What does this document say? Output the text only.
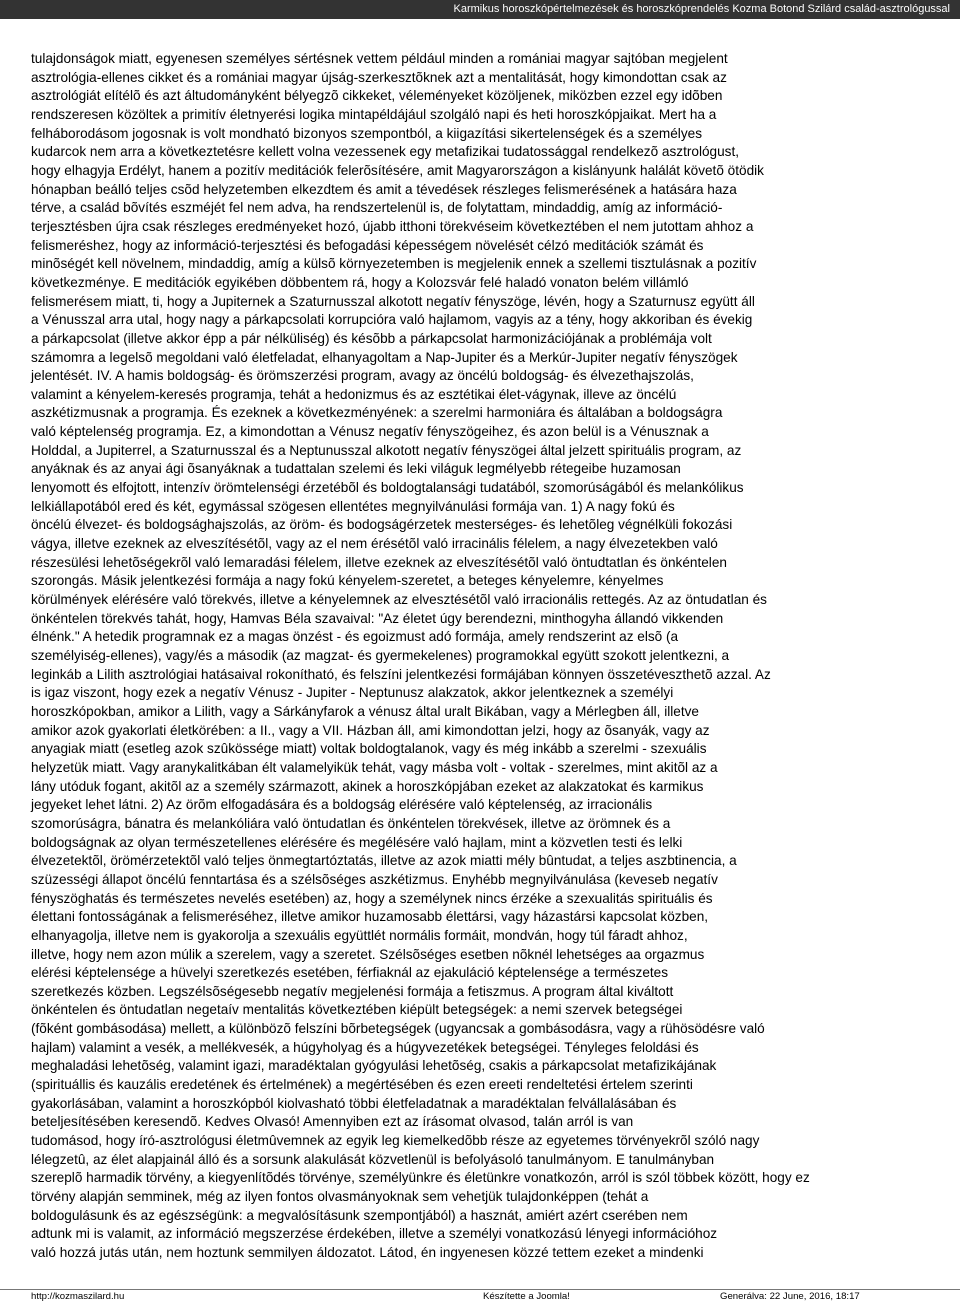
Karmikus horoszkópértelmezések és horoszkóprendelés Kozma Botond Szilárd család-asztrológussal
tulajdonságok miatt, egyenesen személyes sértésnek vettem például minden a romániai magyar sajtóban megjelent
asztrológia-ellenes cikket és a romániai magyar újság-szerkesztõknek azt a mentalitását, hogy kimondottan csak az
asztrológiát elítélõ és azt áltudományként bélyegzõ cikkeket, véleményeket közöljenek, miközben ezzel egy idõben
rendszeresen közöltek a primitív életnyerési logika mintapéldájául szolgáló napi és heti horoszkópjaikat. Mert ha a
felháborodásom jogosnak is volt mondható bizonyos szempontból, a kiigazítási sikertelenségek és a személyes
kudarcok nem arra a következtetésre kellett volna vezessenek egy metafizikai tudatossággal rendelkezõ asztrológust,
hogy elhagyja Erdélyt, hanem a pozitív meditációk felerõsítésére, amit Magyarországon a kislányunk halálát követõ ötödik
hónapban beálló teljes csõd helyzetemben elkezdtem és amit a tévedések részleges felismerésének a hatására haza
térve, a család bõvítés eszméjét fel nem adva, ha rendszertelenül is, de folytattam, mindaddig, amíg az információ-
terjesztésben újra csak részleges eredményeket hozó, újabb itthoni törekvéseim következtében el nem jutottam ahhoz a
felismeréshez, hogy az információ-terjesztési és befogadási képességem növelését célzó meditációk számát és
minõségét kell növelnem, mindaddig, amíg a külsõ környezetemben is megjelenik ennek a szellemi tisztulásnak a pozitív
következménye. E meditációk egyikében döbbentem rá, hogy a Kolozsvár felé haladó vonaton belém villámló
felismerésem miatt, ti, hogy a Jupiternek a Szaturnusszal alkotott negatív fényszöge, lévén, hogy a Szaturnusz együtt áll
a Vénusszal arra utal, hogy nagy a párkapcsolati korrupcióra való hajlamom, vagyis az a tény, hogy akkoriban és évekig
a párkapcsolat (illetve akkor épp a pár nélküliség) és késõbb a párkapcsolat harmonizációjának a problémája volt
számomra a legelsõ megoldani való életfeladat, elhanyagoltam a Nap-Jupiter és a Merkúr-Jupiter negatív fényszögek
jelentését. IV. A hamis boldogság- és örömszerzési program, avagy az öncélú boldogság- és élvezethajszolás,
valamint a kényelem-keresés programja, tehát a hedonizmus és az esztétikai élet-vágynak, illeve az öncélú
aszkétizmusnak a programja. És ezeknek a következményének: a szerelmi harmoniára és általában a boldogságra
való képtelenség programja. Ez, a kimondottan a Vénusz negatív fényszögeihez, és azon belül is a Vénusznak a
Holddal, a Jupiterrel, a Szaturnusszal és a Neptunusszal alkotott negatív fényszögei által jelzett spirituális program, az
anyáknak és az anyai ági õsanyáknak a tudattalan szelemi és leki világuk legmélyebb rétegeibe huzamosan
lenyomott és elfojtott, intenzív örömtelenségi érzetébõl és boldogtalansági tudatából, szomorúságából és melankólikus
lelkiállapotából ered és két, egymással szögesen ellentétes megnyilvánulási formája van. 1) A nagy fokú és
öncélú élvezet- és boldogsághajszolás, az öröm- és bodogságérzetek mesterséges- és lehetõleg végnélküli fokozási
vágya, illetve ezeknek az elveszítésétõl, vagy az el nem érésétõl való irracinális félelem, a nagy élvezetekben való
részesülési lehetõségekrõl való lemaradási félelem, illetve ezeknek az elveszítésétõl való öntudtatlan és önkéntelen
szorongás. Másik jelentkezési formája a nagy fokú kényelem-szeretet, a beteges kényelemre, kényelmes
körülmények elérésére való törekvés, illetve a kényelemnek az elvesztésétõl való irracionális rettegés. Az az öntudatlan és
önkéntelen törekvés tahát, hogy, Hamvas Béla szavaival: "Az életet úgy berendezni, minthogyha állandó vikkenden
élnénk." A hetedik programnak ez a magas önzést - és egoizmust adó formája, amely rendszerint az elsõ (a
személyiség-ellenes), vagy/és a második (az magzat- és gyermekelenes) programokkal együtt szokott jelentkezni, a
leginkáb a Lilith asztrológiai hatásaival rokonítható, és felszíni jelentkezési formájában könnyen összetéveszthetõ azzal. Az
is igaz viszont, hogy ezek a negatív Vénusz - Jupiter - Neptunusz alakzatok, akkor jelentkeznek a személyi
horoszkópokban, amikor a Lilith, vagy a Sárkányfarok a vénusz által uralt Bikában, vagy a Mérlegben áll, illetve
amikor azok gyakorlati életkörében: a II., vagy a VII. Házban áll, ami kimondottan jelzi, hogy az õsanyák, vagy az
anyagiak miatt (esetleg azok szûkössége miatt) voltak boldogtalanok, vagy és még inkább a szerelmi - szexuális
helyzetük miatt. Vagy aranykalitkában élt valamelyikük tehát, vagy másba volt - voltak - szerelmes, mint akitõl az a
lány utóduk fogant, akitõl az a személy származott, akinek a horoszkópjában ezeket az alakzatokat és karmikus
jegyeket lehet látni. 2) Az örõm elfogadására és a boldogság elérésére való képtelenség, az irracionális
szomorúságra, bánatra és melankóliára való öntudatlan és önkéntelen törekvések, illetve az örömnek és a
boldogságnak az olyan természetellenes elérésére és megélésére való hajlam, mint a közvetlen testi és lelki
élvezetektõl, örömérzetektõl való teljes önmegtartóztatás, illetve az azok miatti mély bûntudat, a teljes aszbtinencia, a
szüzességi állapot öncélú fenntartása és a szélsõséges aszkétizmus. Enyhébb megnyilvánulása (keveseb negatív
fényszöghatás és természetes nevelés esetében) az, hogy a személynek nincs érzéke a szexualitás spirituális és
élettani fontosságának a felismeréséhez, illetve amikor huzamosabb élettársi, vagy házastársi kapcsolat közben,
elhanyagolja, illetve nem is gyakorolja a szexuális együttlét normális formáit, mondván, hogy túl fáradt ahhoz,
illetve, hogy nem azon múlik a szerelem, vagy a szeretet. Szélsõséges esetben nõknél lehetséges aa orgazmus
elérési képtelensége a hüvelyi szeretkezés esetében, férfiaknál az ejakuláció képtelensége a természetes
szeretkezés közben. Legszélsõségesebb negatív megjelenési formája a fetiszmus. A program által kiváltott
önkéntelen és öntudatlan negetaív mentalitás következtében kiépült betegségek: a nemi szervek betegségei
(fõként gombásodása) mellett, a különbözõ felszíni bõrbetegségek (ugyancsak a gombásodásra, vagy a rühösödésre való
hajlam) valamint a vesék, a mellékvesék, a húgyholyag és a húgyvezetékek betegségei. Tényleges feloldási és
meghaladási lehetõség, valamint igazi, maradéktalan gyógyulási lehetõség, csakis a párkapcsolat metafizikájának
(spirituállis és kauzális eredetének és értelmének) a megértésében és ezen ereeti rendeltetési értelem szerinti
gyakorlásában, valamint a horoszkópból kiolvasható többi életfeladatnak a maradéktalan felvállalásában és
beteljesítésében keresendõ. Kedves Olvasó! Amennyiben ezt az írásomat olvasod, talán arról is van
tudomásod, hogy író-asztrológusi életmûvemnek az egyik leg kiemelkedõbb része az egyetemes törvényekrõl szóló nagy
lélegzetû, az élet alapjainál álló és a sorsunk alakulását közvetlenül is befolyásoló tanulmányom. E tanulmányban
szereplõ harmadik törvény, a kiegyenlítõdés törvénye, személyünkre és életünkre vonatkozón, arról is szól többek között, hogy ez
törvény alapján semminek, még az ilyen fontos olvasmányoknak sem vehetjük tulajdonképpen (tehát a
boldogulásunk és az egészségünk: a megvalósításunk szempontjából) a hasznát, amiért azért cserében nem
adtunk mi is valamit, az információ megszerzése érdekében, illetve a személyi vonatkozású lényegi információhoz
való hozzá jutás után, nem hoztunk semmilyen áldozatot. Látod, én ingyenesen közzé tettem ezeket a mindenki
http://kozmaszilard.hu	Készítette a Joomla!	Generálva: 22 June, 2016, 18:17
